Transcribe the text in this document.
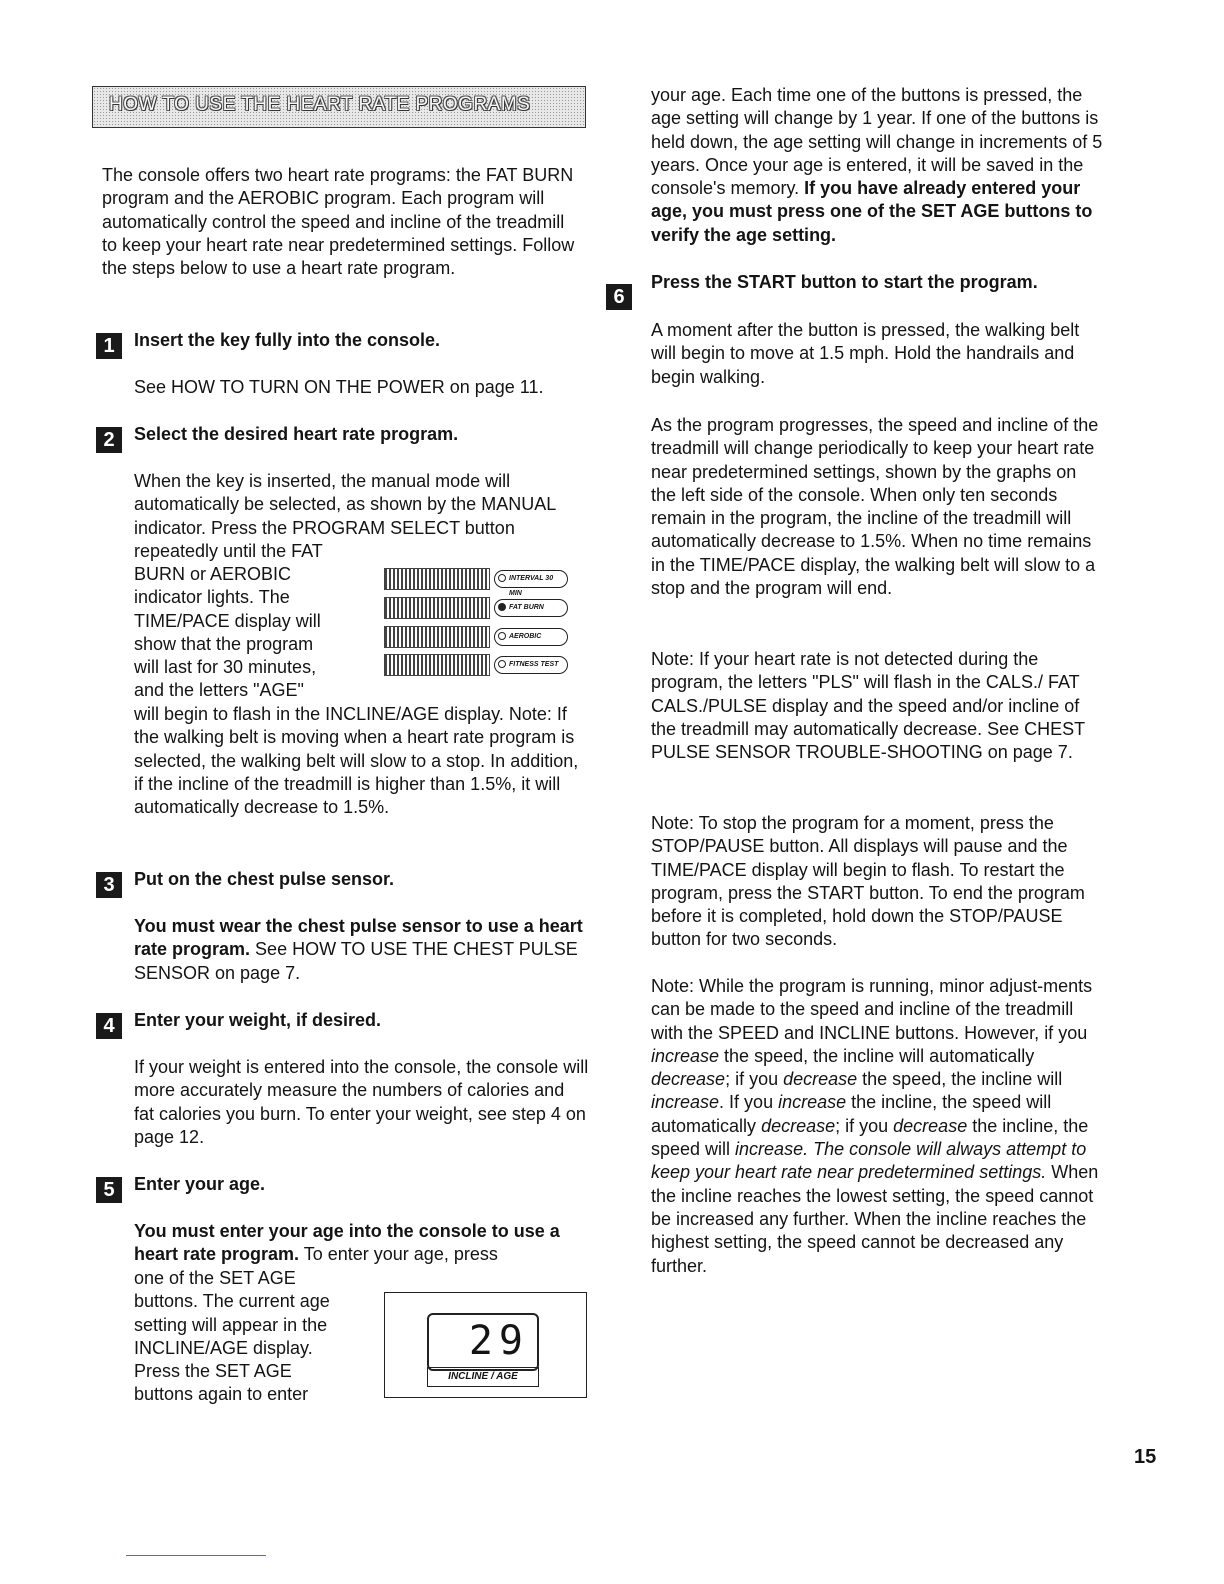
HOW TO USE THE HEART RATE PROGRAMS

The console offers two heart rate programs: the FAT BURN program and the AEROBIC program. Each program will automatically control the speed and incline of the treadmill to keep your heart rate near predetermined settings. Follow the steps below to use a heart rate program.

1	Insert the key fully into the console.

See HOW TO TURN ON THE POWER on page 11.

2	Select the desired heart rate program.

When the key is inserted, the manual mode will automatically be selected, as shown by the MANUAL indicator. Press the PROGRAM SELECT button repeatedly until the FAT

BURN or AEROBIC

indicator lights. The

TIME/PACE display will

show that the program

will last for 30 minutes,

and the letters "AGE"

will begin to flash in the INCLINE/AGE display. Note: If the walking belt is moving when a heart rate program is selected, the walking belt will slow to a stop. In addition, if the incline of the treadmill is higher than 1.5%, it will automatically decrease to 1.5%.

INTERVAL 30 MIN
FAT BURN
AEROBIC
FITNESS TEST
3	Put on the chest pulse sensor.

You must wear the chest pulse sensor to use a heart rate program. See HOW TO USE THE CHEST PULSE SENSOR on page 7.

4	Enter your weight, if desired.

If your weight is entered into the console, the console will more accurately measure the numbers of calories and fat calories you burn. To enter your weight, see step 4 on page 12.

5	Enter your age.

You must enter your age into the console to use a heart rate program. To enter your age, press

one of the SET AGE

buttons. The current age

setting will appear in the

INCLINE/AGE display.

Press the SET AGE

buttons again to enter

29
INCLINE / AGE

your age. Each time one of the buttons is pressed, the age setting will change by 1 year. If one of the buttons is held down, the age setting will change in increments of 5 years. Once your age is entered, it will be saved in the console's memory. If you have already entered your age, you must press one of the SET AGE buttons to verify the age setting.

6
Press the START button to start the program.

A moment after the button is pressed, the walking belt will begin to move at 1.5 mph. Hold the handrails and begin walking.

As the program progresses, the speed and incline of the treadmill will change periodically to keep your heart rate near predetermined settings, shown by the graphs on the left side of the console. When only ten seconds remain in the program, the incline of the treadmill will automatically decrease to 1.5%. When no time remains in the TIME/PACE display, the walking belt will slow to a stop and the program will end.

Note: If your heart rate is not detected during the program, the letters "PLS" will flash in the CALS./ FAT CALS./PULSE display and the speed and/or incline of the treadmill may automatically decrease. See CHEST PULSE SENSOR TROUBLE-SHOOTING on page 7.

Note: To stop the program for a moment, press the STOP/PAUSE button. All displays will pause and the TIME/PACE display will begin to flash. To restart the program, press the START button. To end the program before it is completed, hold down the STOP/PAUSE button for two seconds.

Note: While the program is running, minor adjust-ments can be made to the speed and incline of the treadmill with the SPEED and INCLINE buttons. However, if you increase the speed, the incline will automatically decrease; if you decrease the speed, the incline will increase. If you increase the incline, the speed will automatically decrease; if you decrease the incline, the speed will increase. The console will always attempt to keep your heart rate near predetermined settings. When the incline reaches the lowest setting, the speed cannot be increased any further. When the incline reaches the highest setting, the speed cannot be decreased any further.

15
